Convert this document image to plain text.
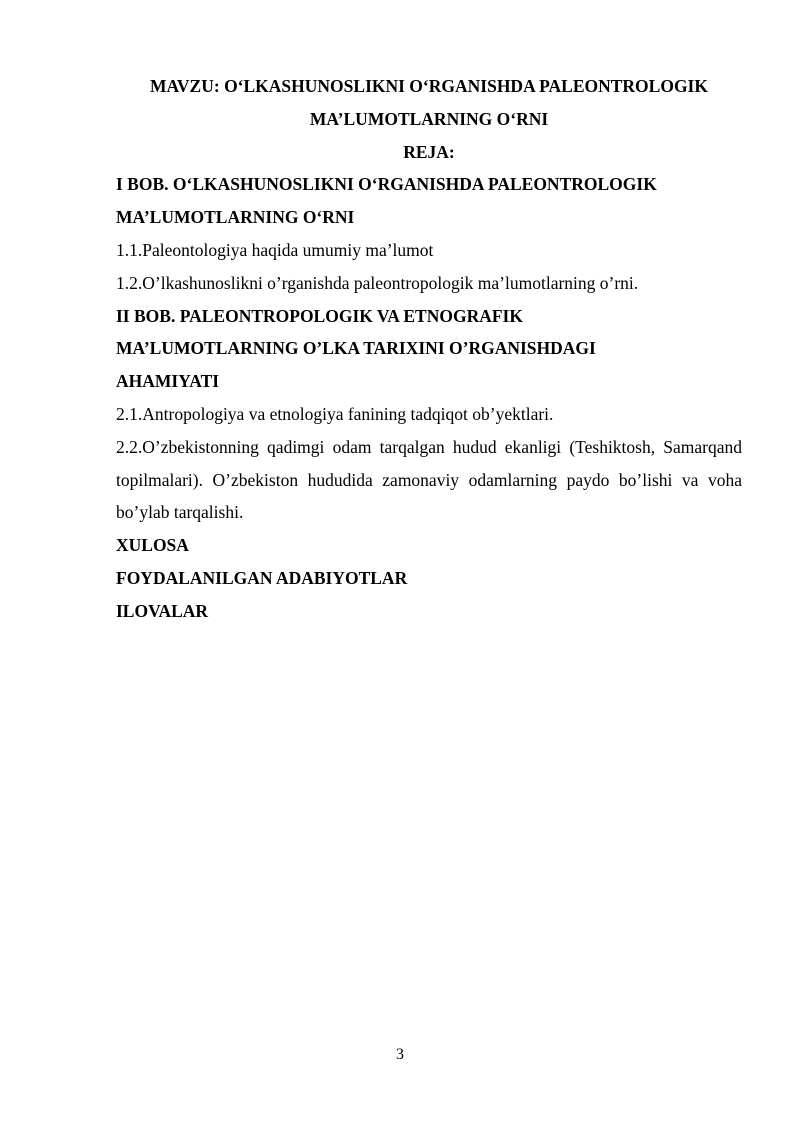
MAVZU: O‘LKASHUNOSLIKNI O‘RGANISHDA PALEONTROLOGIK

MA’LUMOTLARNING O‘RNI

REJA:

I BOB. O‘LKASHUNOSLIKNI O‘RGANISHDA PALEONTROLOGIK

MA’LUMOTLARNING O‘RNI

1.1.Paleontologiya haqida umumiy ma’lumot

1.2.O’lkashunoslikni o’rganishda paleontropologik ma’lumotlarning o’rni.

II BOB. PALEONTROPOLOGIK VA ETNOGRAFIK

MA’LUMOTLARNING O’LKA TARIXINI O’RGANISHDAGI

AHAMIYATI

2.1.Antropologiya va etnologiya fanining tadqiqot ob’yektlari.

2.2.O’zbekistonning qadimgi odam tarqalgan hudud ekanligi (Teshiktosh, Samarqand topilmalari). O’zbekiston hududida zamonaviy odamlarning paydo bo’lishi va voha bo’ylab tarqalishi.

XULOSA

FOYDALANILGAN ADABIYOTLAR

ILOVALAR

3
